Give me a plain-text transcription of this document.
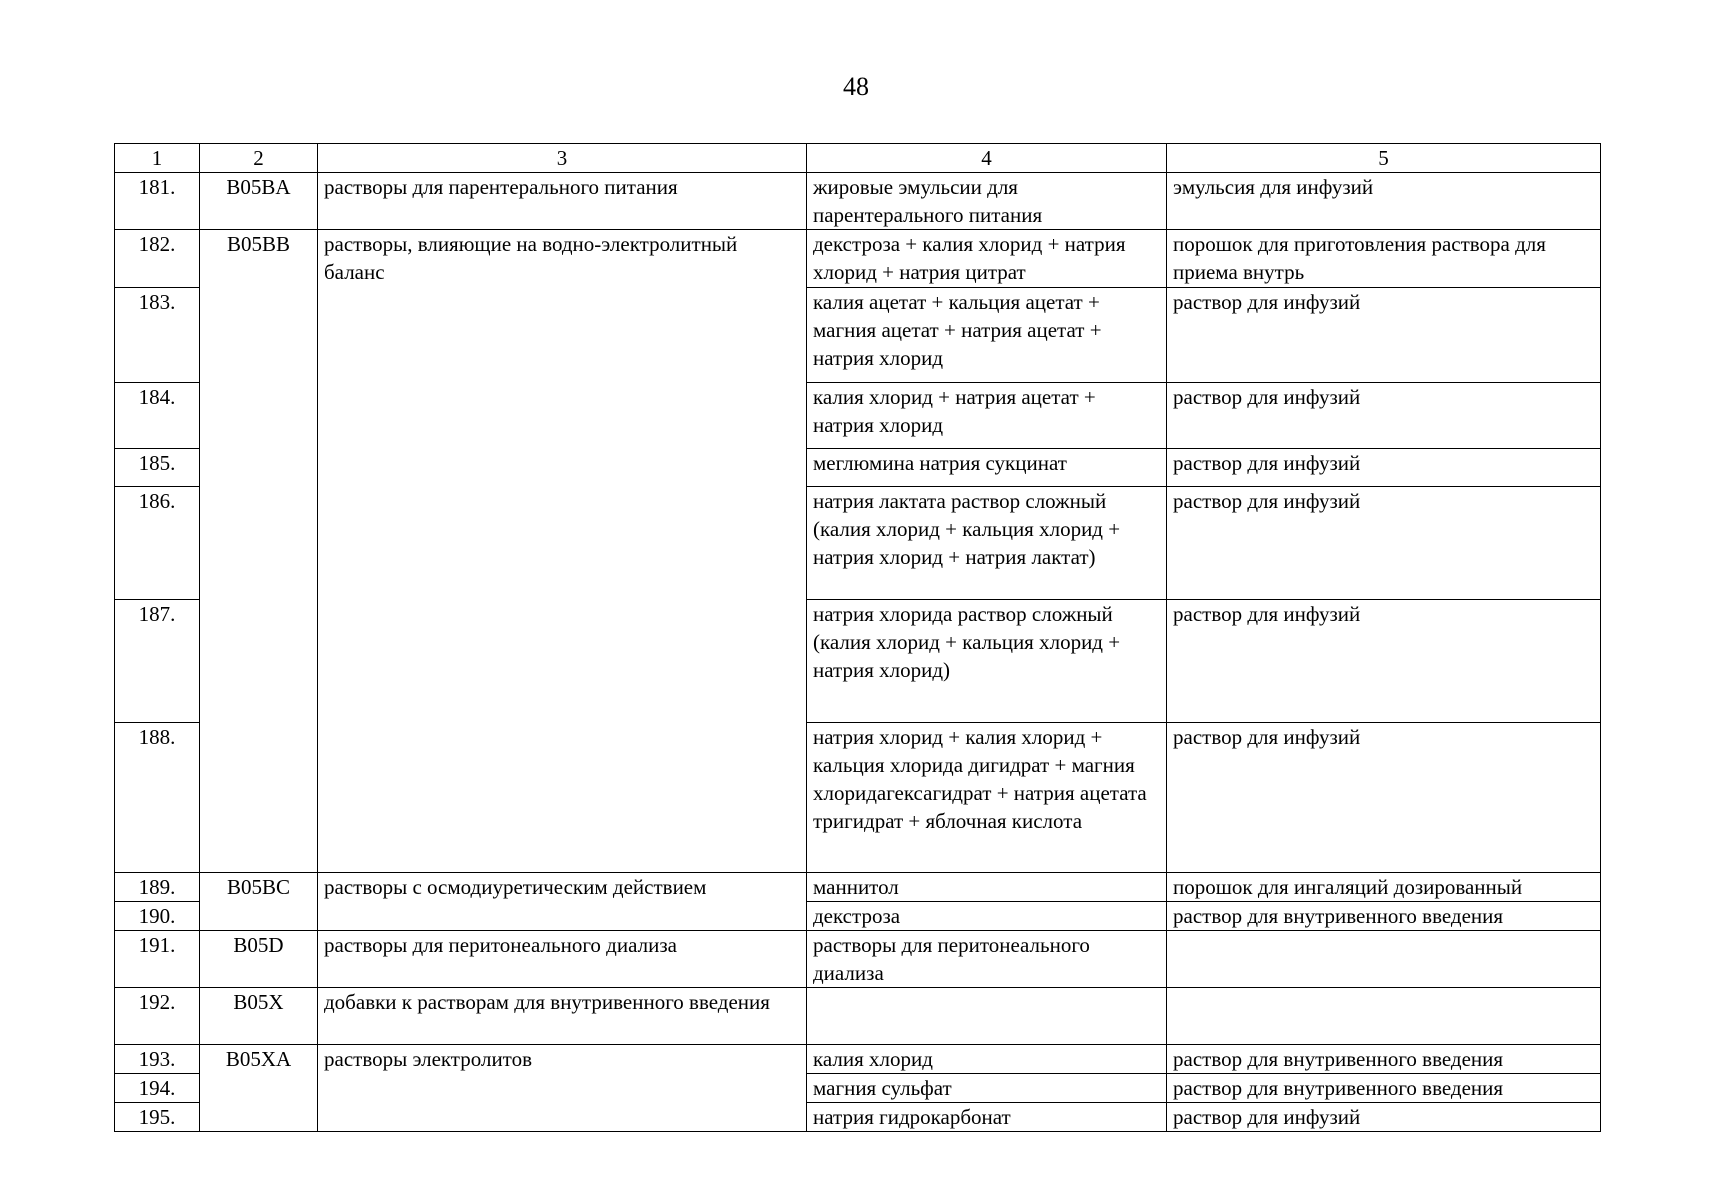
48
1	2	3	4	5
181.	B05BA	растворы для парентерального питания	жировые эмульсии для парентерального питания	эмульсия для инфузий
182.	B05BB	растворы, влияющие на водно-электролитный баланс	декстроза + калия хлорид + натрия хлорид + натрия цитрат	порошок для приготовления раствора для приема внутрь
183.			калия ацетат + кальция ацетат + магния ацетат + натрия ацетат + натрия хлорид	раствор для инфузий
184.			калия хлорид + натрия ацетат + натрия хлорид	раствор для инфузий
185.			меглюмина натрия сукцинат	раствор для инфузий
186.			натрия лактата раствор сложный (калия хлорид + кальция хлорид + натрия хлорид + натрия лактат)	раствор для инфузий
187.			натрия хлорида раствор сложный (калия хлорид + кальция хлорид + натрия хлорид)	раствор для инфузий
188.			натрия хлорид + калия хлорид + кальция хлорида дигидрат + магния хлоридагексагидрат + натрия ацетата тригидрат + яблочная кислота	раствор для инфузий
189.	B05BC	растворы с осмодиуретическим действием	маннитол	порошок для ингаляций дозированный
190.			декстроза	раствор для внутривенного введения
191.	B05D	растворы для перитонеального диализа	растворы для перитонеального диализа	
192.	B05X	добавки к растворам для внутривенного введения		
193.	B05XA	растворы электролитов	калия хлорид	раствор для внутривенного введения
194.			магния сульфат	раствор для внутривенного введения
195.			натрия гидрокарбонат	раствор для инфузий
